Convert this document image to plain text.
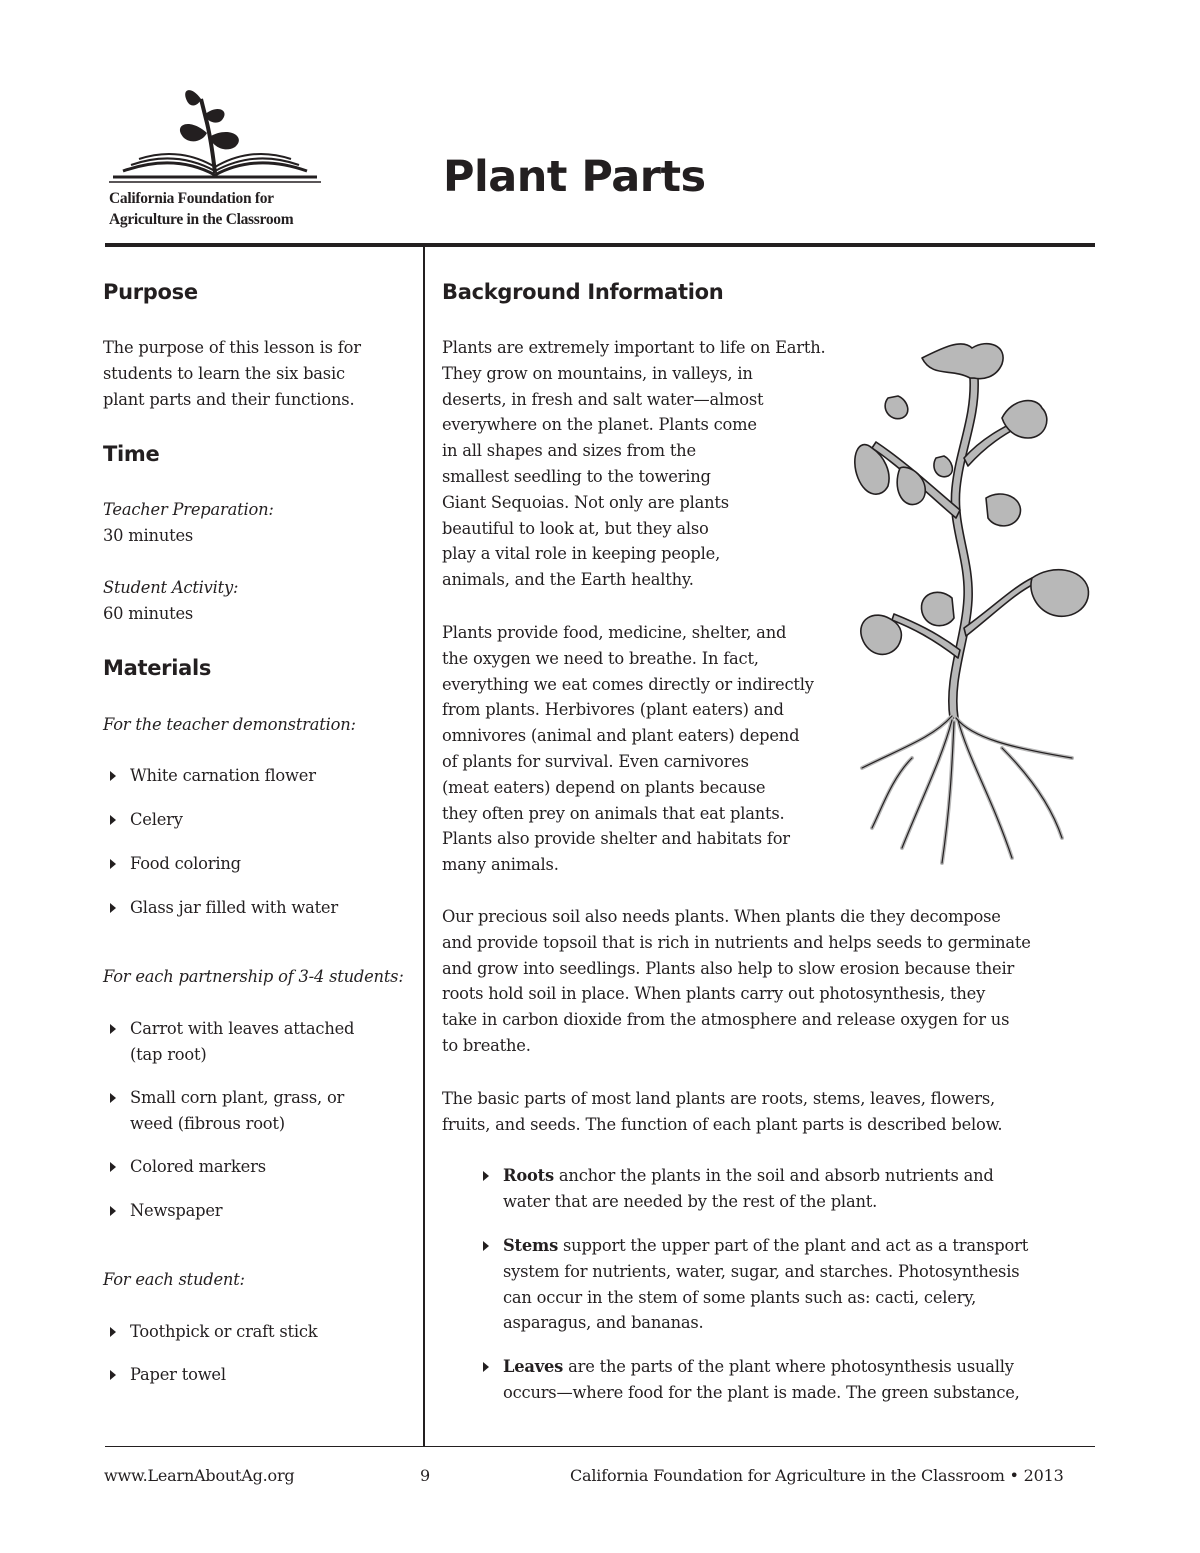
California Foundation for
Agriculture in the Classroom
Plant Parts
Purpose
The purpose of this lesson is for
students to learn the six basic
plant parts and their functions.
Time
Teacher Preparation:
30 minutes
Student Activity:
60 minutes
Materials
For the teacher demonstration:
White carnation flower
Celery
Food coloring
Glass jar filled with water
For each partnership of 3-4 students:
Carrot with leaves attached
(tap root)
Small corn plant, grass, or
weed (fibrous root)
Colored markers
Newspaper
For each student:
Toothpick or craft stick
Paper towel
Background Information
Plants are extremely important to life on Earth.
They grow on mountains, in valleys, in
deserts, in fresh and salt water—almost
everywhere on the planet. Plants come
in all shapes and sizes from the
smallest seedling to the towering
Giant Sequoias. Not only are plants
beautiful to look at, but they also
play a vital role in keeping people,
animals, and the Earth healthy.
Plants provide food, medicine, shelter, and
the oxygen we need to breathe. In fact,
everything we eat comes directly or indirectly
from plants. Herbivores (plant eaters) and
omnivores (animal and plant eaters) depend
of plants for survival. Even carnivores
(meat eaters) depend on plants because
they often prey on animals that eat plants.
Plants also provide shelter and habitats for
many animals.
Our precious soil also needs plants. When plants die they decompose
and provide topsoil that is rich in nutrients and helps seeds to germinate
and grow into seedlings. Plants also help to slow erosion because their
roots hold soil in place. When plants carry out photosynthesis, they
take in carbon dioxide from the atmosphere and release oxygen for us
to breathe.
The basic parts of most land plants are roots, stems, leaves, flowers,
fruits, and seeds. The function of each plant parts is described below.
Roots anchor the plants in the soil and absorb nutrients and
water that are needed by the rest of the plant.
Stems support the upper part of the plant and act as a transport
system for nutrients, water, sugar, and starches. Photosynthesis
can occur in the stem of some plants such as: cacti, celery,
asparagus, and bananas.
Leaves are the parts of the plant where photosynthesis usually
occurs—where food for the plant is made. The green substance,
www.LearnAboutAg.org	9	California Foundation for Agriculture in the Classroom • 2013
